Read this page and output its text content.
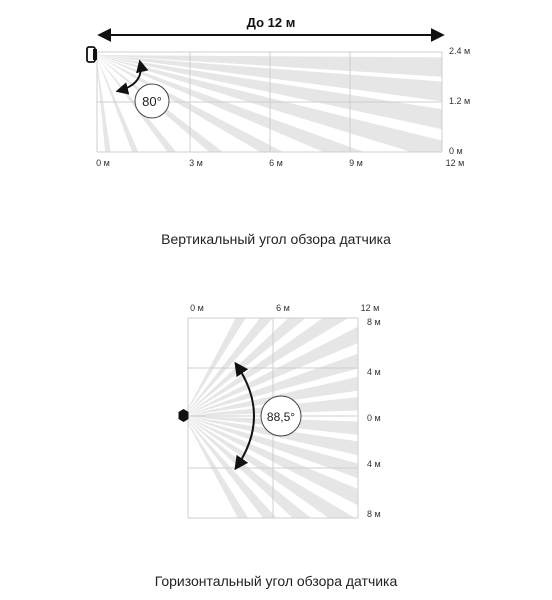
До 12 м
80°
0 м	3 м	6 м	9 м	12 м
2.4 м
1.2 м
0 м
88,5°
0 м	6 м	12 м
8 м
4 м
0 м
4 м
8 м
Вертикальный угол обзора датчика
Горизонтальный угол обзора датчика
